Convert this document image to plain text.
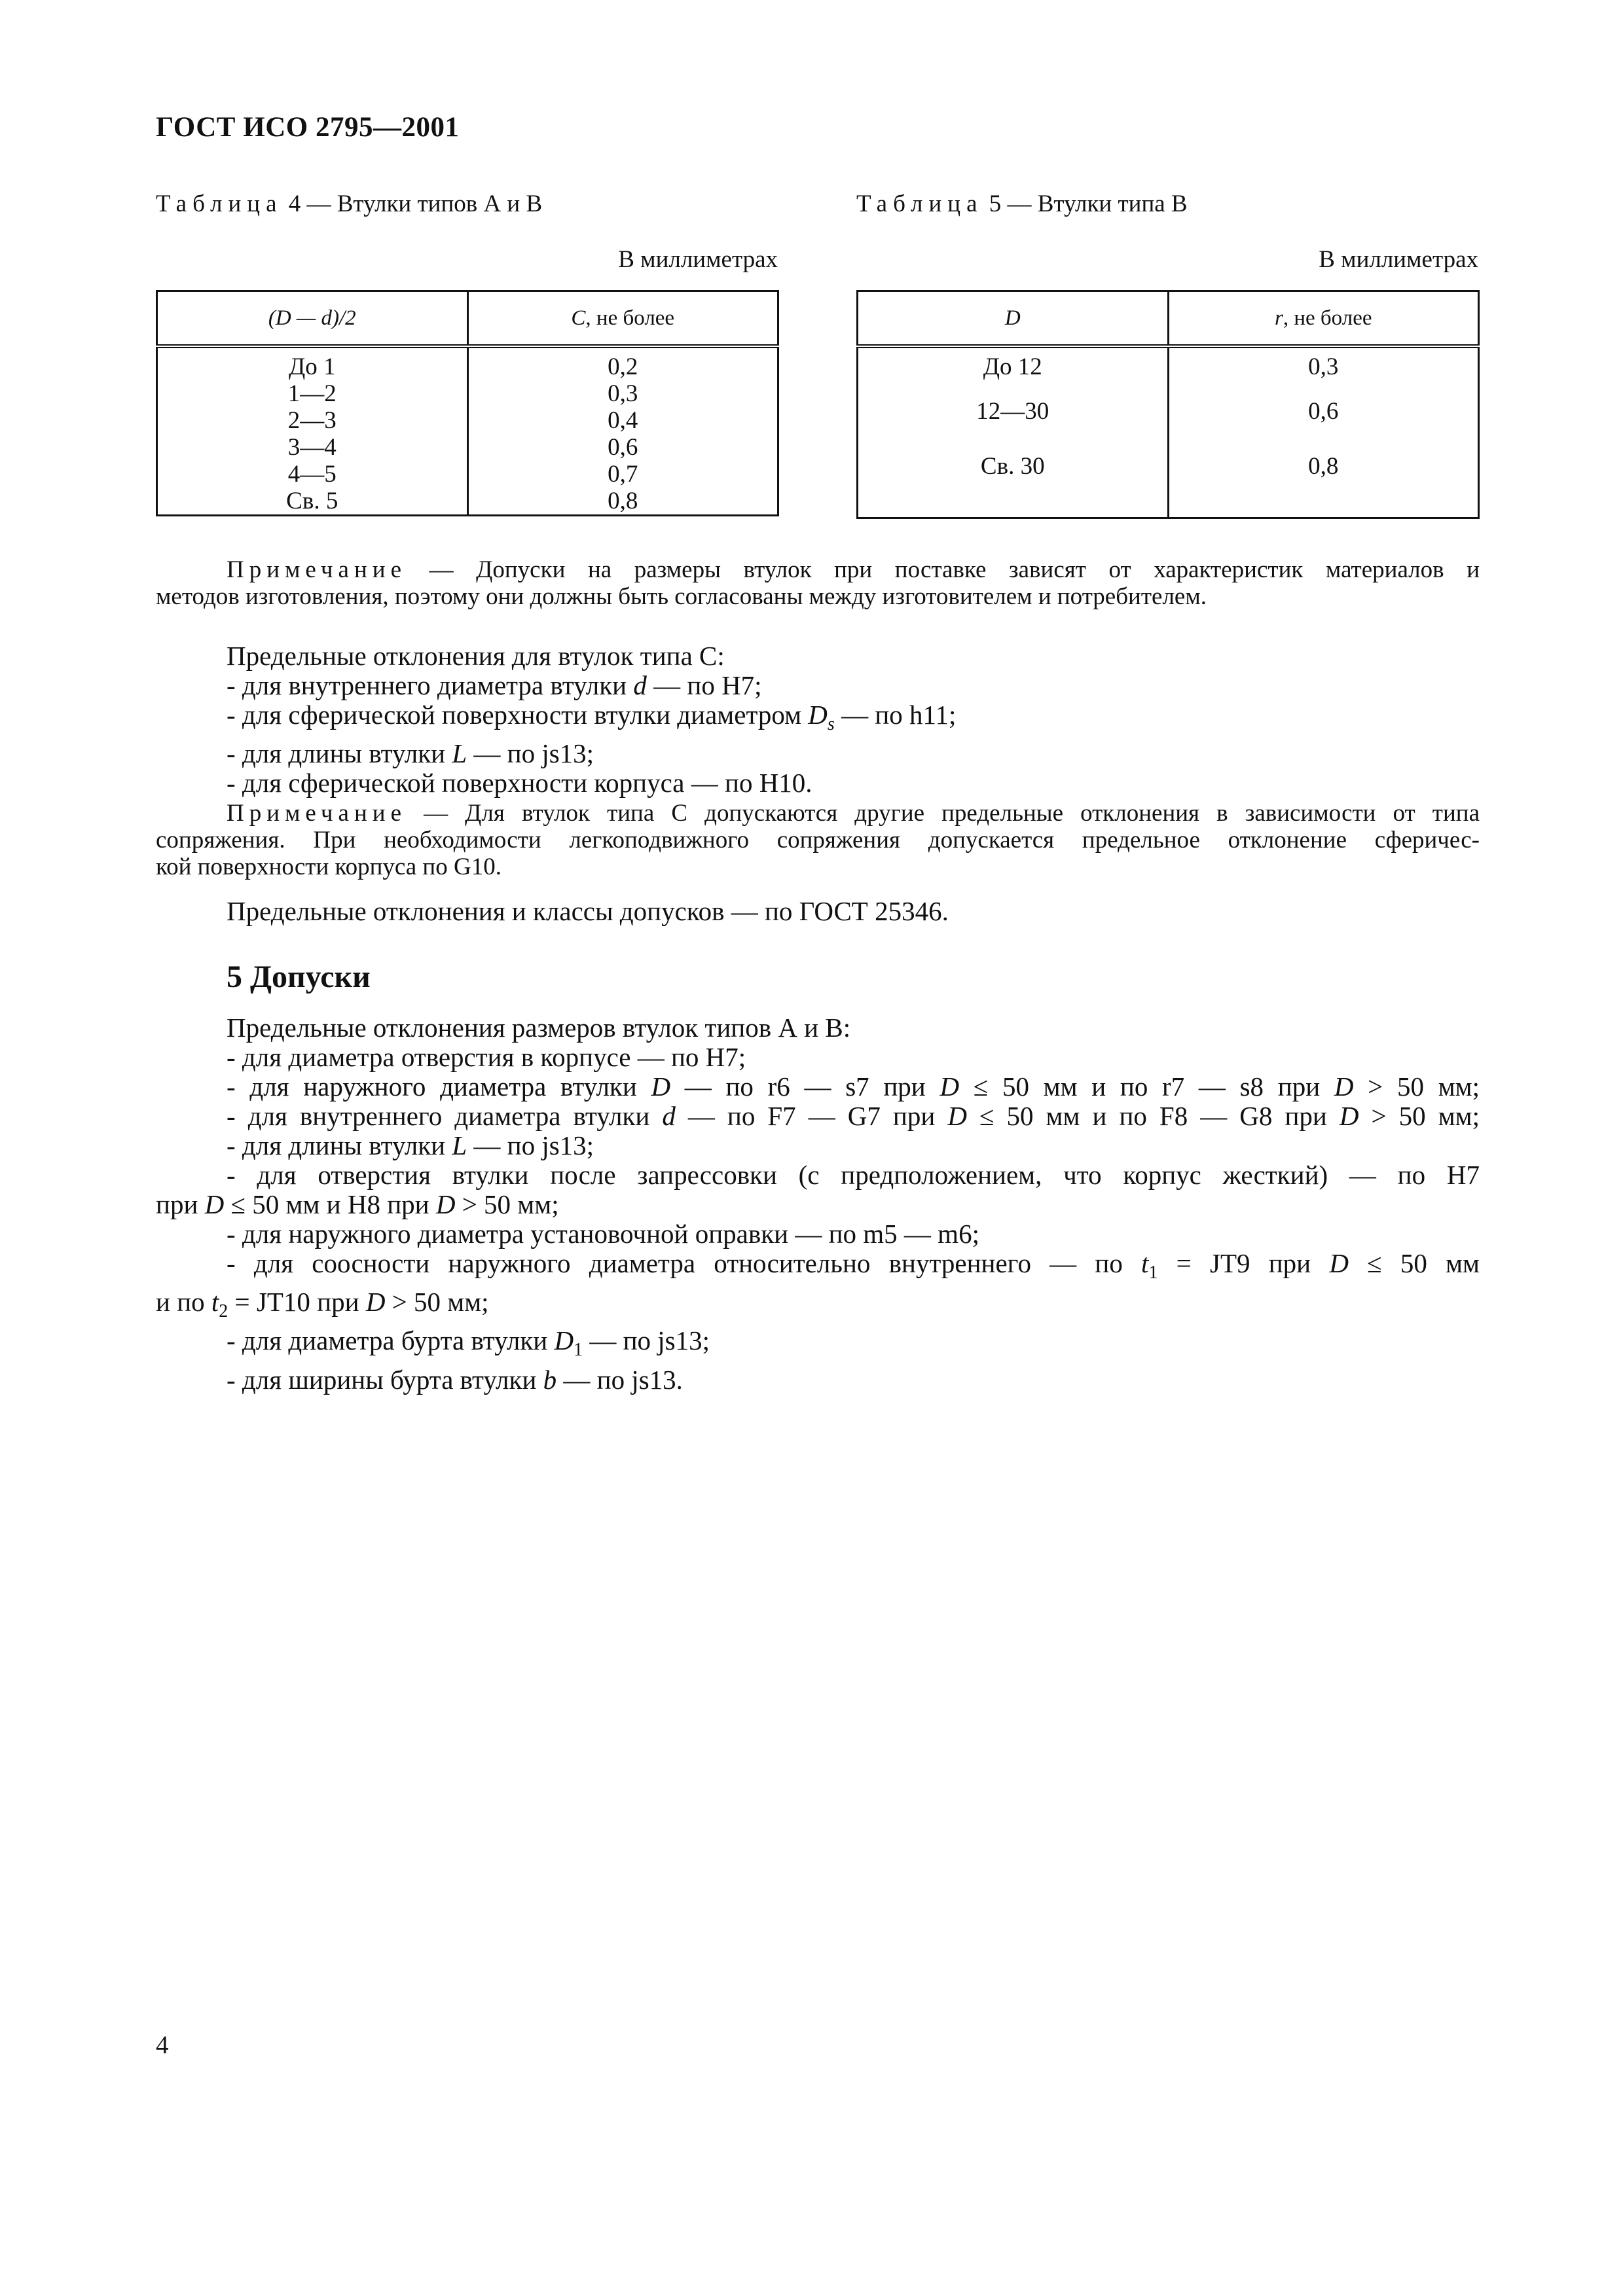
ГОСТ ИСО 2795—2001
Таблица 4 — Втулки типов А и В
В миллиметрах
Таблица 5 — Втулки типа В
В миллиметрах
(D — d)/2	С, не более
До 1	0,2
1—2	0,3
2—3	0,4
3—4	0,6
4—5	0,7
Св. 5	0,8
D	r, не более
До 12	0,3
12—30	0,6
Св. 30	0,8
Примечание — Допуски на размеры втулок при поставке зависят от характеристик материалов и
методов изготовления, поэтому они должны быть согласованы между изготовителем и потребителем.
Предельные отклонения для втулок типа С:
- для внутреннего диаметра втулки d — по Н7;
- для сферической поверхности втулки диаметром $D_s$ — по h11;
- для длины втулки L — по js13;
- для сферической поверхности корпуса — по Н10.
Примечание — Для втулок типа С допускаются другие предельные отклонения в зависимости от типа
сопряжения. При необходимости легкоподвижного сопряжения допускается предельное отклонение сферичес-
кой поверхности корпуса по G10.
Предельные отклонения и классы допусков — по ГОСТ 25346.
5 Допуски
Предельные отклонения размеров втулок типов А и В:
- для диаметра отверстия в корпусе — по Н7;
- для наружного диаметра втулки D — по r6 — s7 при D ≤ 50 мм и по r7 — s8 при D > 50 мм;
- для внутреннего диаметра втулки d — по F7 — G7 при D ≤ 50 мм и по F8 — G8 при D > 50 мм;
- для длины втулки L — по js13;
- для отверстия втулки после запрессовки (с предположением, что корпус жесткий) — по Н7
при D ≤ 50 мм и Н8 при D > 50 мм;
- для наружного диаметра установочной оправки — по m5 — m6;
- для соосности наружного диаметра относительно внутреннего — по $t_1 = JT9$ при D ≤ 50 мм
и по $t_2 = JT10$ при D > 50 мм;
- для диаметра бурта втулки $D_1$ — по js13;
- для ширины бурта втулки b — по js13.
4
